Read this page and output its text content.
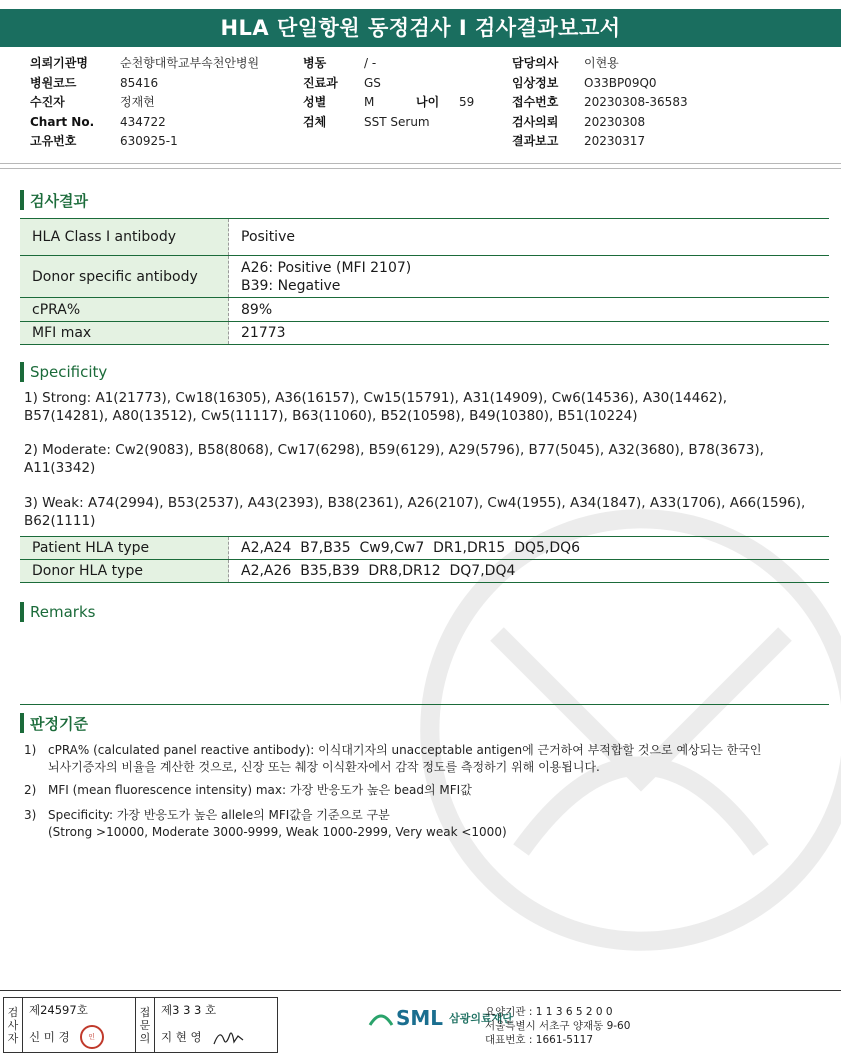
HLA 단일항원 동정검사 I 검사결과보고서
의뢰기관명	순천향대학교부속천안병원
병원코드	85416
수진자	정재현
Chart No.	434722
고유번호	630925-1
병동	/ -
진료과	GS
성별	M	나이	59
검체	SST Serum
담당의사	이현용
임상정보	O33BP09Q0
접수번호	20230308-36583
검사의뢰	20230308
결과보고	20230317
검사결과
HLA Class I antibody	Positive
Donor specific antibody	A26: Positive (MFI 2107)
B39: Negative

cPRA%	89%
MFI max	21773
Specificity
1) Strong: A1(21773), Cw18(16305), A36(16157), Cw15(15791), A31(14909), Cw6(14536), A30(14462), B57(14281), A80(13512), Cw5(11117), B63(11060), B52(10598), B49(10380), B51(10224)
2) Moderate: Cw2(9083), B58(8068), Cw17(6298), B59(6129), A29(5796), B77(5045), A32(3680), B78(3673), A11(3342)
3) Weak: A74(2994), B53(2537), A43(2393), B38(2361), A26(2107), Cw4(1955), A34(1847), A33(1706), A66(1596), B62(1111)
Patient HLA type	A2,A24  B7,B35  Cw9,Cw7  DR1,DR15  DQ5,DQ6
Donor HLA type	A2,A26  B35,B39  DR8,DR12  DQ7,DQ4
Remarks
판정기준
1) cPRA% (calculated panel reactive antibody): 이식대기자의 unacceptable antigen에 근거하여 부적합할 것으로 예상되는 한국인
뇌사기증자의 비율을 계산한 것으로, 신장 또는 췌장 이식환자에서 감작 정도를 측정하기 위해 이용됩니다.
2) MFI (mean fluorescence intensity) max: 가장 반응도가 높은 bead의 MFI값
3) Specificity: 가장 반응도가 높은 allele의 MFI값을 기준으로 구분
(Strong >10000, Moderate 3000-9999, Weak 1000-2999, Very weak <1000)
검
사
자
제24597호
신 미 경	인
접
문
의
제3 3 3 호
지 현 영
SML 삼광의료재단
요양기관 : 1 1 3 6 5 2 0 0
서울특별시 서초구 양재동 9-60
대표번호 : 1661-5117
